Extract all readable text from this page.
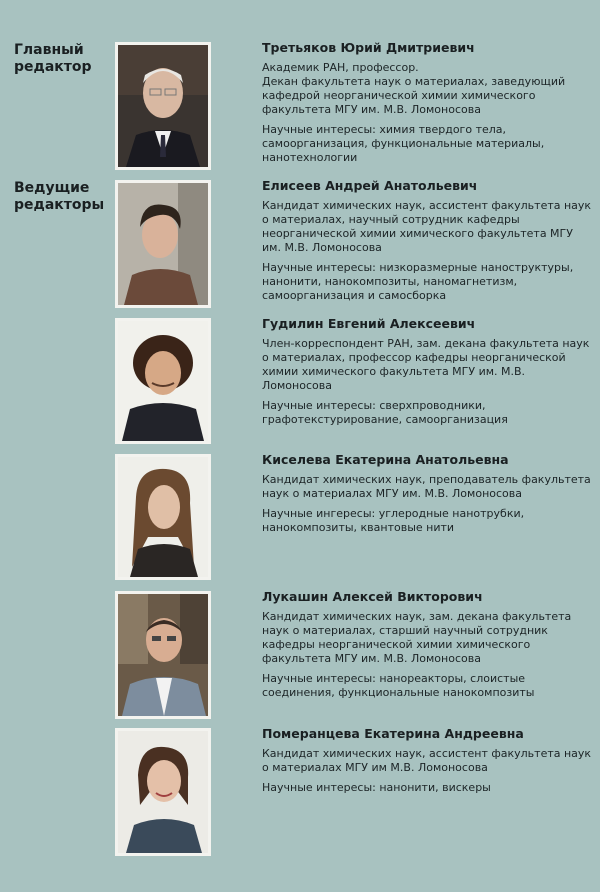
Главный
редактор
Ведущие
редакторы
Третьяков Юрий Дмитриевич
Академик РАН, профессор.
Декан факультета наук о материалах, заведующий кафедрой неорганической химии химического факультета МГУ им. М.В. Ломоносова
Научные интересы: химия твердого тела, самоорганизация, функциональные материалы, нанотехнологии
Елисеев Андрей Анатольевич
Кандидат химических наук, ассистент факультета наук о материалах, научный сотрудник кафедры неорганической химии химического факультета МГУ им. М.В. Ломоносова
Научные интересы: низкоразмерные наноструктуры, нанонити, нанокомпозиты, наномагнетизм, самоорганизация и самосборка
Гудилин Евгений Алексеевич
Член-корреспондент РАН, зам. декана факультета наук о материалах, профессор кафедры неорганической химии химического факультета МГУ им. М.В. Ломоносова
Научные интересы: сверхпроводники, графотекстурирование, самоорганизация
Киселева Екатерина Анатольевна
Кандидат химических наук, преподаватель факультета наук о материалах МГУ им. М.В. Ломоносова
Научные ингересы: углеродные нанотрубки, нанокомпозиты, квантовые нити
Лукашин Алексей Викторович
Кандидат химических наук, зам. декана факультета наук о материалах, старший научный сотрудник кафедры неорганической химии химического факультета МГУ им. М.В. Ломоносова
Научные интересы: нанореакторы, слоистые соединения, функциональные нанокомпозиты
Померанцева Екатерина Андреевна
Кандидат химических наук, ассистент факультета наук о материалах МГУ им М.В. Ломоносова
Научные интересы: нанонити, вискеры
